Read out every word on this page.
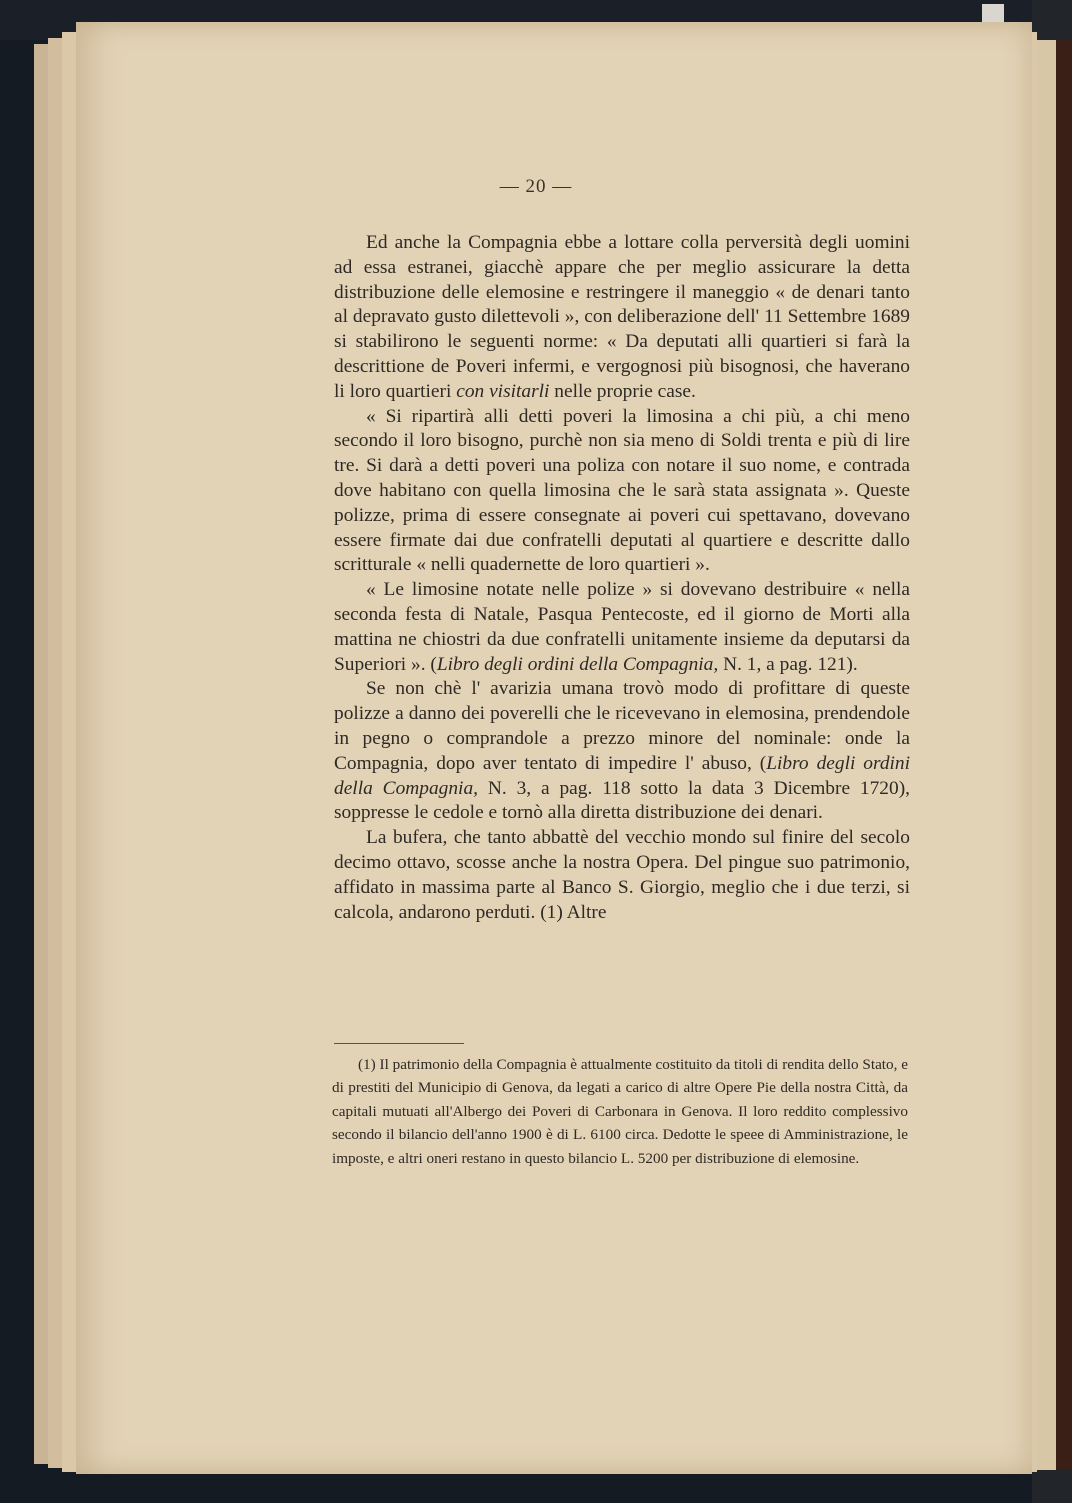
— 20 —

Ed anche la Compagnia ebbe a lottare colla perversità degli uomini ad essa estranei, giacchè appare che per meglio assicurare la detta distribuzione delle elemosine e restringere il maneggio « de denari tanto al depravato gusto dilettevoli », con deliberazione dell' 11 Settembre 1689 si stabilirono le seguenti norme: « Da deputati alli quartieri si farà la descrittione de Poveri infermi, e vergognosi più bisognosi, che haverano li loro quartieri con visitarli nelle proprie case.

« Si ripartirà alli detti poveri la limosina a chi più, a chi meno secondo il loro bisogno, purchè non sia meno di Soldi trenta e più di lire tre. Si darà a detti poveri una poliza con notare il suo nome, e contrada dove habitano con quella limosina che le sarà stata assignata ». Queste polizze, prima di essere consegnate ai poveri cui spettavano, dovevano essere firmate dai due confratelli deputati al quartiere e descritte dallo scritturale « nelli quadernette de loro quartieri ».

« Le limosine notate nelle polize » si dovevano destribuire « nella seconda festa di Natale, Pasqua Pentecoste, ed il giorno de Morti alla mattina ne chiostri da due confratelli unitamente insieme da deputarsi da Superiori ». (Libro degli ordini della Compagnia, N. 1, a pag. 121).

Se non chè l' avarizia umana trovò modo di profittare di queste polizze a danno dei poverelli che le ricevevano in elemosina, prendendole in pegno o comprandole a prezzo minore del nominale: onde la Compagnia, dopo aver tentato di impedire l' abuso, (Libro degli ordini della Compagnia, N. 3, a pag. 118 sotto la data 3 Dicembre 1720), soppresse le cedole e tornò alla diretta distribuzione dei denari.

La bufera, che tanto abbattè del vecchio mondo sul finire del secolo decimo ottavo, scosse anche la nostra Opera. Del pingue suo patrimonio, affidato in massima parte al Banco S. Giorgio, meglio che i due terzi, si calcola, andarono perduti. (1) Altre

(1) Il patrimonio della Compagnia è attualmente costituito da titoli di rendita dello Stato, e di prestiti del Municipio di Genova, da legati a carico di altre Opere Pie della nostra Città, da capitali mutuati all'Albergo dei Poveri di Carbonara in Genova. Il loro reddito complessivo secondo il bilancio dell'anno 1900 è di L. 6100 circa. Dedotte le speee di Amministrazione, le imposte, e altri oneri restano in questo bilancio L. 5200 per distribuzione di elemosine.
